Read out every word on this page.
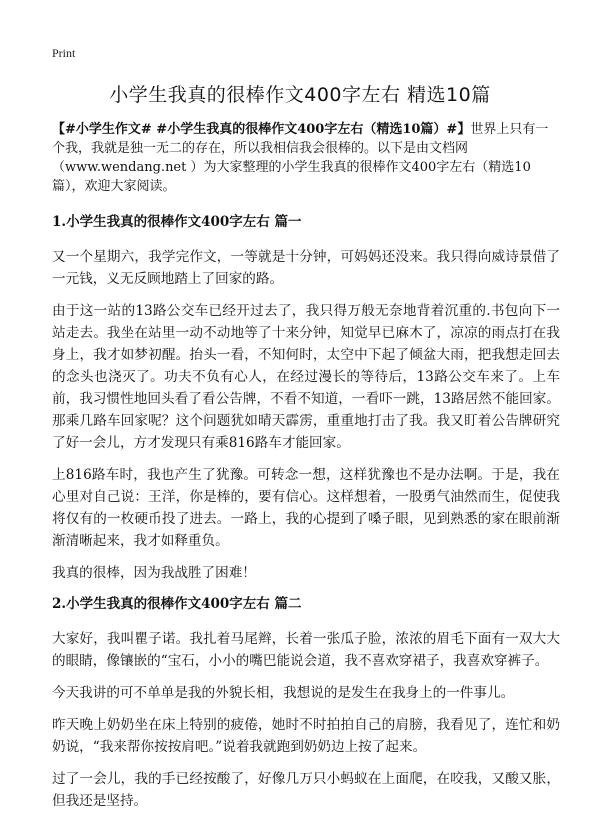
Print
小学生我真的很棒作文400字左右 精选10篇

【#小学生作文# #小学生我真的很棒作文400字左右（精选10篇）#】世界上只有一个我，我就是独一无二的存在，所以我相信我会很棒的。以下是由文档网（www.wendang.net ）为大家整理的小学生我真的很棒作文400字左右（精选10篇），欢迎大家阅读。

1.小学生我真的很棒作文400字左右 篇一

又一个星期六，我学完作文，一等就是十分钟，可妈妈还没来。我只得向威诗景借了一元钱，义无反顾地踏上了回家的路。

由于这一站的13路公交车已经开过去了，我只得万般无奈地背着沉重的.书包向下一站走去。我坐在站里一动不动地等了十来分钟，知觉早已麻木了，凉凉的雨点打在我身上，我才如梦初醒。抬头一看，不知何时，太空中下起了倾盆大雨，把我想走回去的念头也浇灭了。功夫不负有心人，在经过漫长的等待后，13路公交车来了。上车前，我习惯性地回头看了看公告牌，不看不知道，一看吓一跳，13路居然不能回家。那乘几路车回家呢？这个问题犹如晴天霹雳，重重地打击了我。我又盯着公告牌研究了好一会儿，方才发现只有乘816路车才能回家。

上816路车时，我也产生了犹豫。可转念一想，这样犹豫也不是办法啊。于是，我在心里对自己说：王洋，你是棒的，要有信心。这样想着，一股勇气油然而生，促使我将仅有的一枚硬币投了进去。一路上，我的心提到了嗓子眼，见到熟悉的家在眼前渐渐清晰起来，我才如释重负。

我真的很棒，因为我战胜了困难！

2.小学生我真的很棒作文400字左右 篇二

大家好，我叫瞿子诺。我扎着马尾辫，长着一张瓜子脸，浓浓的眉毛下面有一双大大的眼睛，像镶嵌的“宝石，小小的嘴巴能说会道，我不喜欢穿裙子，我喜欢穿裤子。

今天我讲的可不单单是我的外貌长相，我想说的是发生在我身上的一件事儿。

昨天晚上奶奶坐在床上特别的疲倦，她时不时拍拍自己的肩膀，我看见了，连忙和奶奶说，“我来帮你按按肩吧。”说着我就跑到奶奶边上按了起来。

过了一会儿，我的手已经按酸了，好像几万只小蚂蚁在上面爬，在咬我，又酸又胀，但我还是坚持。
